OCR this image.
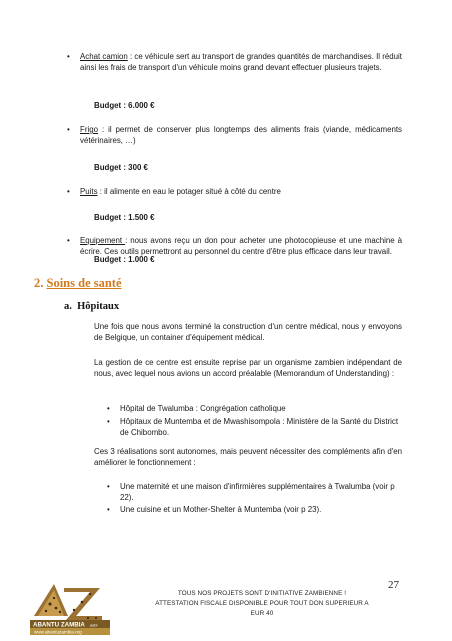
• Achat camion : ce véhicule sert au transport de grandes quantités de marchandises. Il réduit ainsi les frais de transport d'un véhicule moins grand devant effectuer plusieurs trajets.
Budget : 6.000 €
• Frigo : il permet de conserver plus longtemps des aliments frais (viande, médicaments vétérinaires, …)
Budget : 300 €
• Puits : il alimente en eau le potager situé à côté du centre
Budget : 1.500 €
• Equipement : nous avons reçu un don pour acheter une photocopieuse et une machine à écrire. Ces outils permettront au personnel du centre d'être plus efficace dans leur travail.
Budget : 1.000 €
2. Soins de santé
a. Hôpitaux
Une fois que nous avons terminé la construction d'un centre médical, nous y envoyons de Belgique, un container d'équipement médical.
La gestion de ce centre est ensuite reprise par un organisme zambien indépendant de nous, avec lequel nous avions un accord préalable (Memorandum of Understanding) :
• Hôpital de Twalumba : Congrégation catholique
• Hôpitaux de Muntemba et de Mwashisompola : Ministère de la Santé du District de Chibombo.
Ces 3 réalisations sont autonomes, mais peuvent nécessiter des compléments afin d'en améliorer le fonctionnement :
• Une maternité et une maison d'infirmières supplémentaires à Twalumba (voir p 22).
• Une cuisine et un Mother-Shelter à Muntemba (voir p 23).
27
TOUS NOS PROJETS SONT D'INITIATIVE ZAMBIENNE !
ATTESTATION FISCALE DISPONIBLE POUR TOUT DON SUPERIEUR A EUR 40
ABANTU ZAMBIA asbl
www.abantuzambia.org
